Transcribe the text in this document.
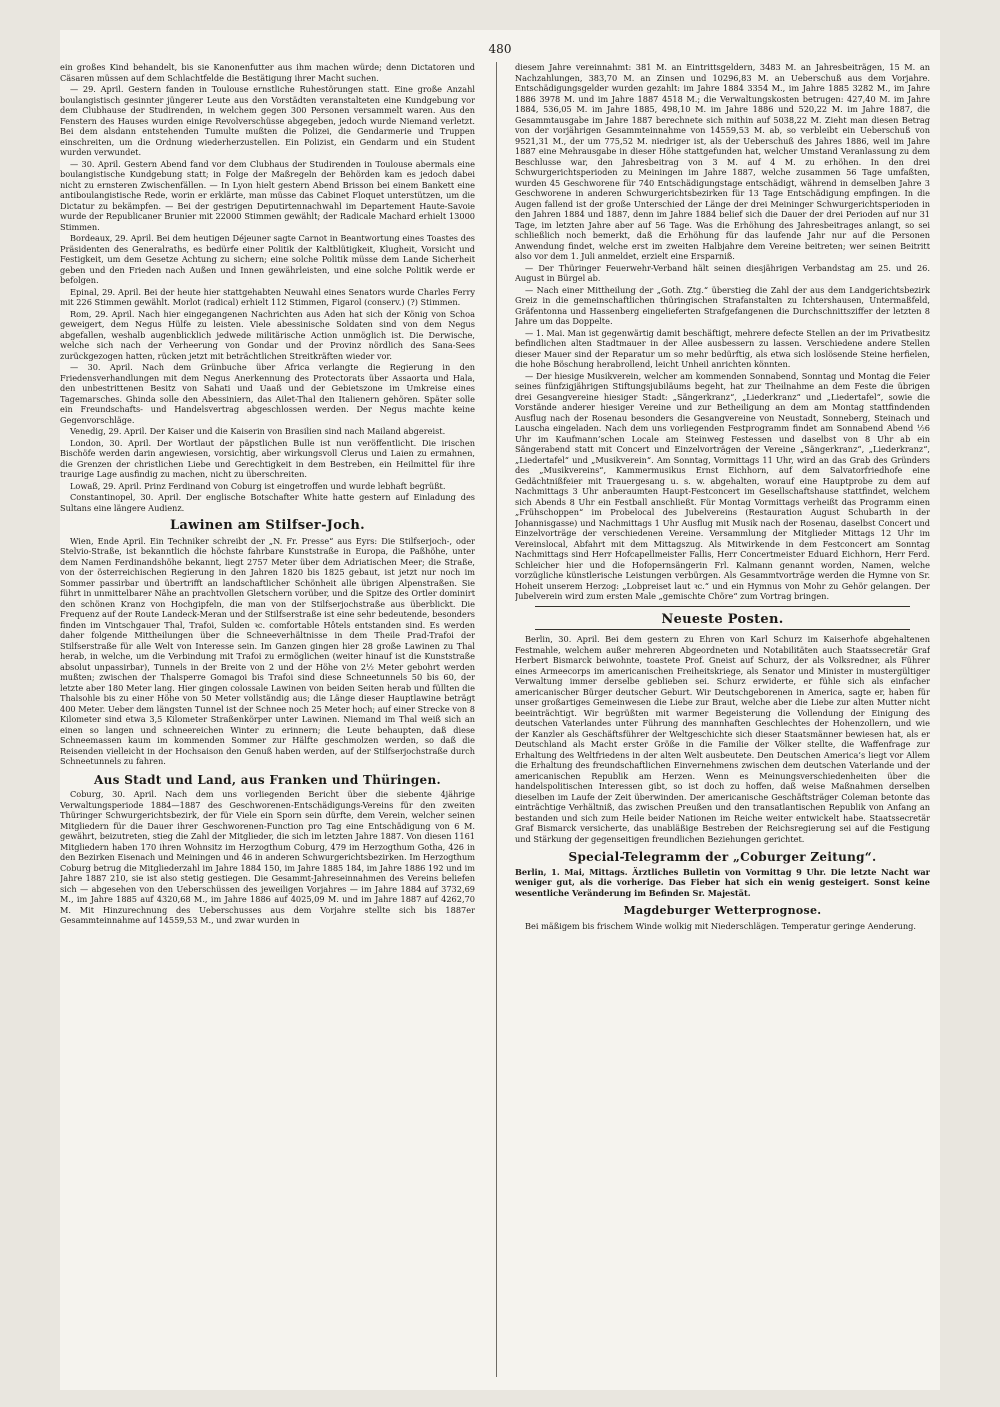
480

ein großes Kind behandelt, bis sie Kanonenfutter aus ihm machen würde; denn Dictatoren und Cäsaren müssen auf dem Schlachtfelde die Bestätigung ihrer Macht suchen.

— 29. April. Gestern fanden in Toulouse ernstliche Ruhestörungen statt. Eine große Anzahl boulangistisch gesinnter jüngerer Leute aus den Vorstädten veranstalteten eine Kundgebung vor dem Clubhause der Studirenden, in welchem gegen 300 Personen versammelt waren. Aus den Fenstern des Hauses wurden einige Revolverschüsse abgegeben, jedoch wurde Niemand verletzt. Bei dem alsdann entstehenden Tumulte mußten die Polizei, die Gendarmerie und Truppen einschreiten, um die Ordnung wiederherzustellen. Ein Polizist, ein Gendarm und ein Student wurden verwundet.

— 30. April. Gestern Abend fand vor dem Clubhaus der Studirenden in Toulouse abermals eine boulangistische Kundgebung statt; in Folge der Maßregeln der Behörden kam es jedoch dabei nicht zu ernsteren Zwischenfällen. — In Lyon hielt gestern Abend Brisson bei einem Bankett eine antiboulangistische Rede, worin er erklärte, man müsse das Cabinet Floquet unterstützen, um die Dictatur zu bekämpfen. — Bei der gestrigen Deputirtennachwahl im Departement Haute-Savoie wurde der Republicaner Brunier mit 22000 Stimmen gewählt; der Radicale Machard erhielt 13000 Stimmen.

Bordeaux, 29. April. Bei dem heutigen Déjeuner sagte Carnot in Beantwortung eines Toastes des Präsidenten des Generalraths, es bedürfe einer Politik der Kaltblütigkeit, Klugheit, Vorsicht und Festigkeit, um dem Gesetze Achtung zu sichern; eine solche Politik müsse dem Lande Sicherheit geben und den Frieden nach Außen und Innen gewährleisten, und eine solche Politik werde er befolgen.

Epinal, 29. April. Bei der heute hier stattgehabten Neuwahl eines Senators wurde Charles Ferry mit 226 Stimmen gewählt. Morlot (radical) erhielt 112 Stimmen, Figarol (conserv.) (?) Stimmen.

Rom, 29. April. Nach hier eingegangenen Nachrichten aus Aden hat sich der König von Schoa geweigert, dem Negus Hülfe zu leisten. Viele abessinische Soldaten sind von dem Negus abgefallen, weshalb augenblicklich jedwede militärische Action unmöglich ist. Die Derwische, welche sich nach der Verheerung von Gondar und der Provinz nördlich des Sana-Sees zurückgezogen hatten, rücken jetzt mit beträchtlichen Streitkräften wieder vor.

— 30. April. Nach dem Grünbuche über Africa verlangte die Regierung in den Friedensverhandlungen mit dem Negus Anerkennung des Protectorats über Assaorta und Hala, den unbestrittenen Besitz von Sahati und Uaaß und der Gebietszone im Umkreise eines Tagemarsches. Ghinda solle den Abessiniern, das Ailet-Thal den Italienern gehören. Später solle ein Freundschafts- und Handelsvertrag abgeschlossen werden. Der Negus machte keine Gegenvorschläge.

Venedig, 29. April. Der Kaiser und die Kaiserin von Brasilien sind nach Mailand abgereist.

London, 30. April. Der Wortlaut der päpstlichen Bulle ist nun veröffentlicht. Die irischen Bischöfe werden darin angewiesen, vorsichtig, aber wirkungsvoll Clerus und Laien zu ermahnen, die Grenzen der christlichen Liebe und Gerechtigkeit in dem Bestreben, ein Heilmittel für ihre traurige Lage ausfindig zu machen, nicht zu überschreiten.

Lowaß, 29. April. Prinz Ferdinand von Coburg ist eingetroffen und wurde lebhaft begrüßt.

Constantinopel, 30. April. Der englische Botschafter White hatte gestern auf Einladung des Sultans eine längere Audienz.

Lawinen am Stilfser-Joch.

Wien, Ende April. Ein Techniker schreibt der „N. Fr. Presse“ aus Eyrs: Die Stilfserjoch-, oder Stelvio-Straße, ist bekanntlich die höchste fahrbare Kunststraße in Europa, die Paßhöhe, unter dem Namen Ferdinandshöhe bekannt, liegt 2757 Meter über dem Adriatischen Meer; die Straße, von der österreichischen Regierung in den Jahren 1820 bis 1825 gebaut, ist jetzt nur noch im Sommer passirbar und übertrifft an landschaftlicher Schönheit alle übrigen Alpenstraßen. Sie führt in unmittelbarer Nähe an prachtvollen Gletschern vorüber, und die Spitze des Ortler dominirt den schönen Kranz von Hochgipfeln, die man von der Stilfserjochstraße aus überblickt. Die Frequenz auf der Route Landeck-Meran und der Stilfserstraße ist eine sehr bedeutende, besonders finden im Vintschgauer Thal, Trafoi, Sulden ꝛc. comfortable Hôtels entstanden sind. Es werden daher folgende Mittheilungen über die Schneeverhältnisse in dem Theile Prad-Trafoi der Stilfserstraße für alle Welt von Interesse sein. Im Ganzen gingen hier 28 große Lawinen zu Thal herab, in welche, um die Verbindung mit Trafoi zu ermöglichen (weiter hinauf ist die Kunststraße absolut unpassirbar), Tunnels in der Breite von 2 und der Höhe von 2½ Meter gebohrt werden mußten; zwischen der Thalsperre Gomagoi bis Trafoi sind diese Schneetunnels 50 bis 60, der letzte aber 180 Meter lang. Hier gingen colossale Lawinen von beiden Seiten herab und füllten die Thalsohle bis zu einer Höhe von 50 Meter vollständig aus; die Länge dieser Hauptlawine beträgt 400 Meter. Ueber dem längsten Tunnel ist der Schnee noch 25 Meter hoch; auf einer Strecke von 8 Kilometer sind etwa 3,5 Kilometer Straßenkörper unter Lawinen. Niemand im Thal weiß sich an einen so langen und schneereichen Winter zu erinnern; die Leute behaupten, daß diese Schneemassen kaum im kommenden Sommer zur Hälfte geschmolzen werden, so daß die Reisenden vielleicht in der Hochsaison den Genuß haben werden, auf der Stilfserjochstraße durch Schneetunnels zu fahren.

Aus Stadt und Land, aus Franken und Thüringen.

Coburg, 30. April. Nach dem uns vorliegenden Bericht über die siebente 4jährige Verwaltungsperiode 1884—1887 des Geschworenen-Entschädigungs-Vereins für den zweiten Thüringer Schwurgerichtsbezirk, der für Viele ein Sporn sein dürfte, dem Verein, welcher seinen Mitgliedern für die Dauer ihrer Geschworenen-Function pro Tag eine Entschädigung von 6 M. gewährt, beizutreten, stieg die Zahl der Mitglieder, die sich im letzten Jahre 1887. Von diesen 1161 Mitgliedern haben 170 ihren Wohnsitz im Herzogthum Coburg, 479 im Herzogthum Gotha, 426 in den Bezirken Eisenach und Meiningen und 46 in anderen Schwurgerichtsbezirken. Im Herzogthum Coburg betrug die Mitgliederzahl im Jahre 1884 150, im Jahre 1885 184, im Jahre 1886 192 und im Jahre 1887 210, sie ist also stetig gestiegen. Die Gesammt-Jahreseinnahmen des Vereins beliefen sich — abgesehen von den Ueberschüssen des jeweiligen Vorjahres — im Jahre 1884 auf 3732,69 M., im Jahre 1885 auf 4320,68 M., im Jahre 1886 auf 4025,09 M. und im Jahre 1887 auf 4262,70 M. Mit Hinzurechnung des Ueberschusses aus dem Vorjahre stellte sich bis 1887er Gesammteinnahme auf 14559,53 M., und zwar wurden in

diesem Jahre vereinnahmt: 381 M. an Eintrittsgeldern, 3483 M. an Jahresbeiträgen, 15 M. an Nachzahlungen, 383,70 M. an Zinsen und 10296,83 M. an Ueberschuß aus dem Vorjahre. Entschädigungsgelder wurden gezahlt: im Jahre 1884 3354 M., im Jahre 1885 3282 M., im Jahre 1886 3978 M. und im Jahre 1887 4518 M.; die Verwaltungskosten betrugen: 427,40 M. im Jahre 1884, 536,05 M. im Jahre 1885, 498,10 M. im Jahre 1886 und 520,22 M. im Jahre 1887, die Gesammtausgabe im Jahre 1887 berechnete sich mithin auf 5038,22 M. Zieht man diesen Betrag von der vorjährigen Gesammteinnahme von 14559,53 M. ab, so verbleibt ein Ueberschuß von 9521,31 M., der um 775,52 M. niedriger ist, als der Ueberschuß des Jahres 1886, weil im Jahre 1887 eine Mehrausgabe in dieser Höhe stattgefunden hat, welcher Umstand Veranlassung zu dem Beschlusse war, den Jahresbeitrag von 3 M. auf 4 M. zu erhöhen. In den drei Schwurgerichtsperioden zu Meiningen im Jahre 1887, welche zusammen 56 Tage umfaßten, wurden 45 Geschworene für 740 Entschädigungstage entschädigt, während in demselben Jahre 3 Geschworene in anderen Schwurgerichtsbezirken für 13 Tage Entschädigung empfingen. In die Augen fallend ist der große Unterschied der Länge der drei Meininger Schwurgerichtsperioden in den Jahren 1884 und 1887, denn im Jahre 1884 belief sich die Dauer der drei Perioden auf nur 31 Tage, im letzten Jahre aber auf 56 Tage. Was die Erhöhung des Jahresbeitrages anlangt, so sei schließlich noch bemerkt, daß die Erhöhung für das laufende Jahr nur auf die Personen Anwendung findet, welche erst im zweiten Halbjahre dem Vereine beitreten; wer seinen Beitritt also vor dem 1. Juli anmeldet, erzielt eine Ersparniß.

— Der Thüringer Feuerwehr-Verband hält seinen diesjährigen Verbandstag am 25. und 26. August in Bürgel ab.

— Nach einer Mittheilung der „Goth. Ztg.“ überstieg die Zahl der aus dem Landgerichtsbezirk Greiz in die gemeinschaftlichen thüringischen Strafanstalten zu Ichtershausen, Untermaßfeld, Gräfentonna und Hassenberg eingelieferten Strafgefangenen die Durchschnittsziffer der letzten 8 Jahre um das Doppelte.

— 1. Mai. Man ist gegenwärtig damit beschäftigt, mehrere defecte Stellen an der im Privatbesitz befindlichen alten Stadtmauer in der Allee ausbessern zu lassen. Verschiedene andere Stellen dieser Mauer sind der Reparatur um so mehr bedürftig, als etwa sich loslösende Steine herfielen, die hohe Böschung herabrollend, leicht Unheil anrichten könnten.

— Der hiesige Musikverein, welcher am kommenden Sonnabend, Sonntag und Montag die Feier seines fünfzigjährigen Stiftungsjubiläums begeht, hat zur Theilnahme an dem Feste die übrigen drei Gesangvereine hiesiger Stadt: „Sängerkranz“, „Liederkranz“ und „Liedertafel“, sowie die Vorstände anderer hiesiger Vereine und zur Betheiligung an dem am Montag stattfindenden Ausflug nach der Rosenau besonders die Gesangvereine von Neustadt, Sonneberg, Steinach und Lauscha eingeladen. Nach dem uns vorliegenden Festprogramm findet am Sonnabend Abend ½6 Uhr im Kaufmann’schen Locale am Steinweg Festessen und daselbst von 8 Uhr ab ein Sängerabend statt mit Concert und Einzelvorträgen der Vereine „Sängerkranz“, „Liederkranz“, „Liedertafel“ und „Musikverein“. Am Sonntag, Vormittags 11 Uhr, wird an das Grab des Gründers des „Musikvereins“, Kammermusikus Ernst Eichhorn, auf dem Salvatorfriedhofe eine Gedächtnißfeier mit Trauergesang u. s. w. abgehalten, worauf eine Hauptprobe zu dem auf Nachmittags 3 Uhr anberaumten Haupt-Festconcert im Gesellschaftshause stattfindet, welchem sich Abends 8 Uhr ein Festball anschließt. Für Montag Vormittags verheißt das Programm einen „Frühschoppen“ im Probelocal des Jubelvereins (Restauration August Schubarth in der Johannisgasse) und Nachmittags 1 Uhr Ausflug mit Musik nach der Rosenau, daselbst Concert und Einzelvorträge der verschiedenen Vereine. Versammlung der Mitglieder Mittags 12 Uhr im Vereinslocal, Abfahrt mit dem Mittagszug. Als Mitwirkende in dem Festconcert am Sonntag Nachmittags sind Herr Hofcapellmeister Fallis, Herr Concertmeister Eduard Eichhorn, Herr Ferd. Schleicher hier und die Hofopernsängerin Frl. Kalmann genannt worden, Namen, welche vorzügliche künstlerische Leistungen verbürgen. Als Gesammtvorträge werden die Hymne von Sr. Hoheit unserem Herzog: „Lobpreiset laut ꝛc.“ und ein Hymnus von Mohr zu Gehör gelangen. Der Jubelverein wird zum ersten Male „gemischte Chöre“ zum Vortrag bringen.

Neueste Posten.

Berlin, 30. April. Bei dem gestern zu Ehren von Karl Schurz im Kaiserhofe abgehaltenen Festmahle, welchem außer mehreren Abgeordneten und Notabilitäten auch Staatssecretär Graf Herbert Bismarck beiwohnte, toastete Prof. Gneist auf Schurz, der als Volksredner, als Führer eines Armeecorps im americanischen Freiheitskriege, als Senator und Minister in mustergültiger Verwaltung immer derselbe geblieben sei. Schurz erwiderte, er fühle sich als einfacher americanischer Bürger deutscher Geburt. Wir Deutschgeborenen in America, sagte er, haben für unser großartiges Gemeinwesen die Liebe zur Braut, welche aber die Liebe zur alten Mutter nicht beeinträchtigt. Wir begrüßten mit warmer Begeisterung die Vollendung der Einigung des deutschen Vaterlandes unter Führung des mannhaften Geschlechtes der Hohenzollern, und wie der Kanzler als Geschäftsführer der Weltgeschichte sich dieser Staatsmänner bewiesen hat, als er Deutschland als Macht erster Größe in die Familie der Völker stellte, die Waffenfrage zur Erhaltung des Weltfriedens in der alten Welt ausbeutete. Den Deutschen America’s liegt vor Allem die Erhaltung des freundschaftlichen Einvernehmens zwischen dem deutschen Vaterlande und der americanischen Republik am Herzen. Wenn es Meinungsverschiedenheiten über die handelspolitischen Interessen gibt, so ist doch zu hoffen, daß weise Maßnahmen derselben dieselben im Laufe der Zeit überwinden. Der americanische Geschäftsträger Coleman betonte das einträchtige Verhältniß, das zwischen Preußen und den transatlantischen Republik von Anfang an bestanden und sich zum Heile beider Nationen im Reiche weiter entwickelt habe. Staatssecretär Graf Bismarck versicherte, das unabläßige Bestreben der Reichsregierung sei auf die Festigung und Stärkung der gegenseitigen freundlichen Beziehungen gerichtet.

Special-Telegramm der „Coburger Zeitung“.

Berlin, 1. Mai, Mittags. Ärztliches Bulletin von Vormittag 9 Uhr. Die letzte Nacht war weniger gut, als die vorherige. Das Fieber hat sich ein wenig gesteigert. Sonst keine wesentliche Veränderung im Befinden Sr. Majestät.

Magdeburger Wetterprognose.

Bei mäßigem bis frischem Winde wolkig mit Niederschlägen. Temperatur geringe Aenderung.
